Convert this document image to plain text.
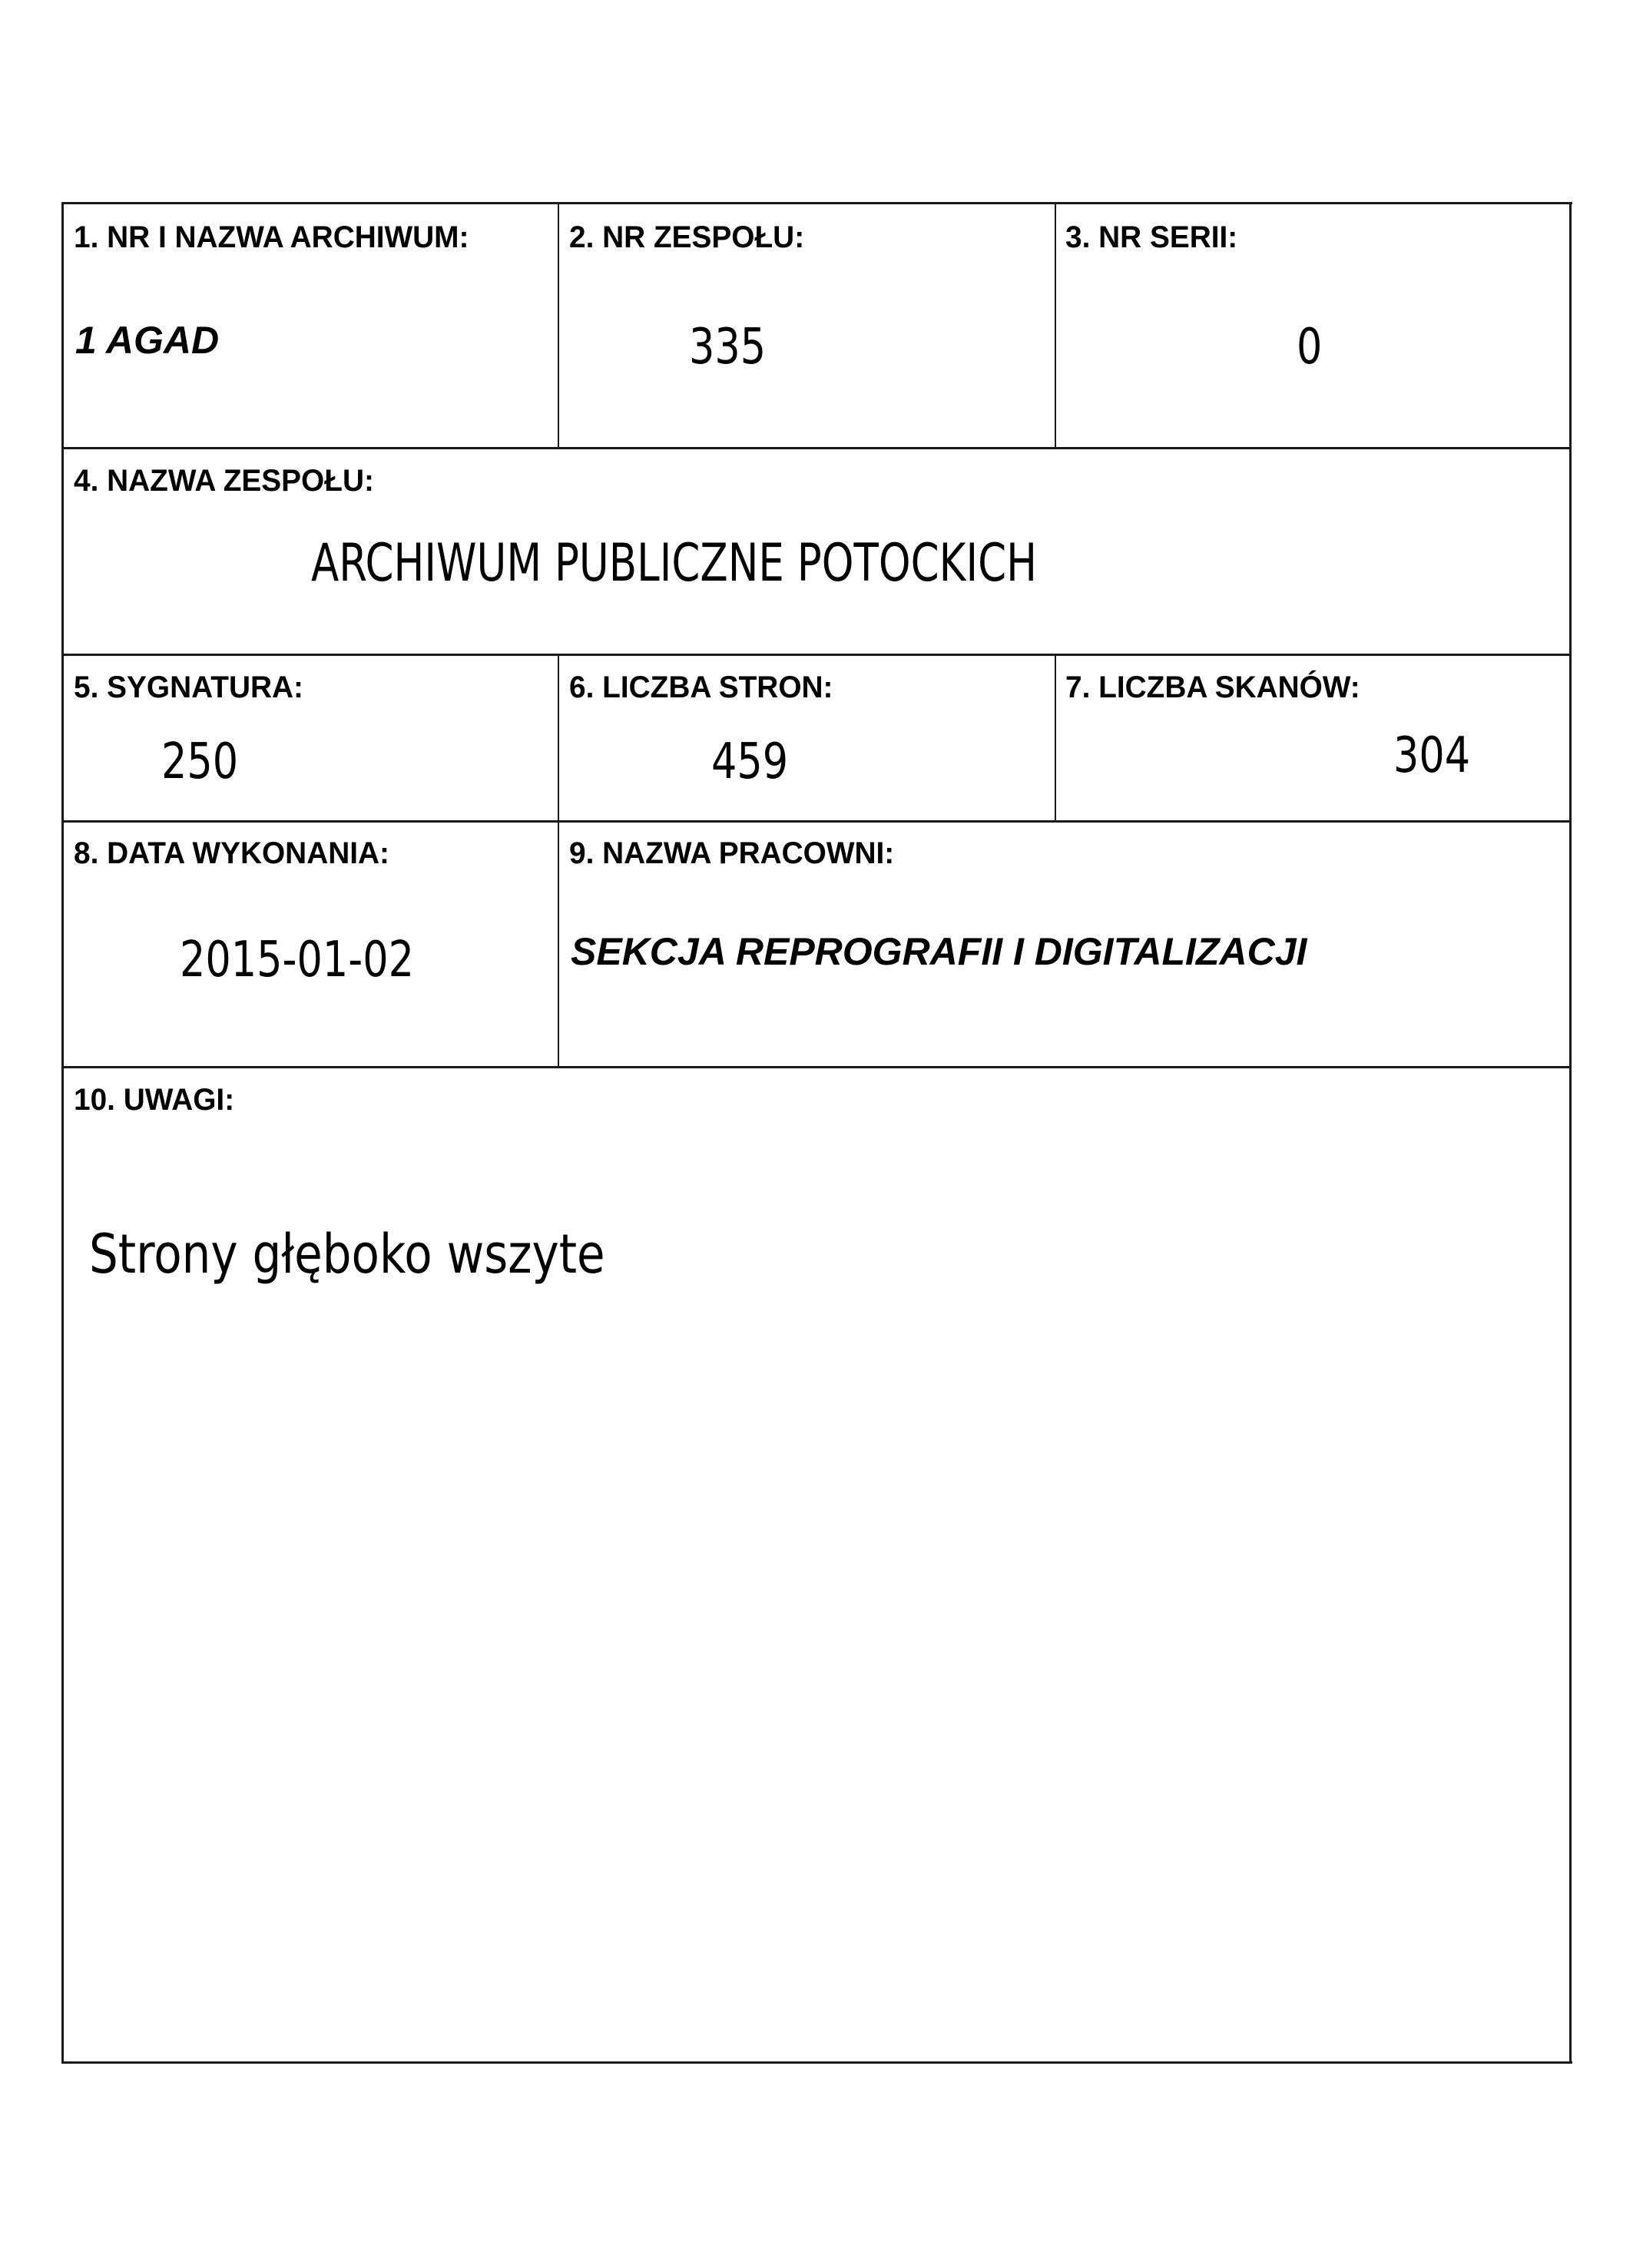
1. NR I NAZWA ARCHIWUM:
1 AGAD
2. NR ZESPOŁU:
335
3. NR SERII:
0
4. NAZWA ZESPOŁU:
ARCHIWUM PUBLICZNE POTOCKICH
5. SYGNATURA:
250
6. LICZBA STRON:
459
7. LICZBA SKANÓW:
304
8. DATA WYKONANIA:
2015-01-02
9. NAZWA PRACOWNI:
SEKCJA REPROGRAFII I DIGITALIZACJI
10. UWAGI:
Strony głęboko wszyte
